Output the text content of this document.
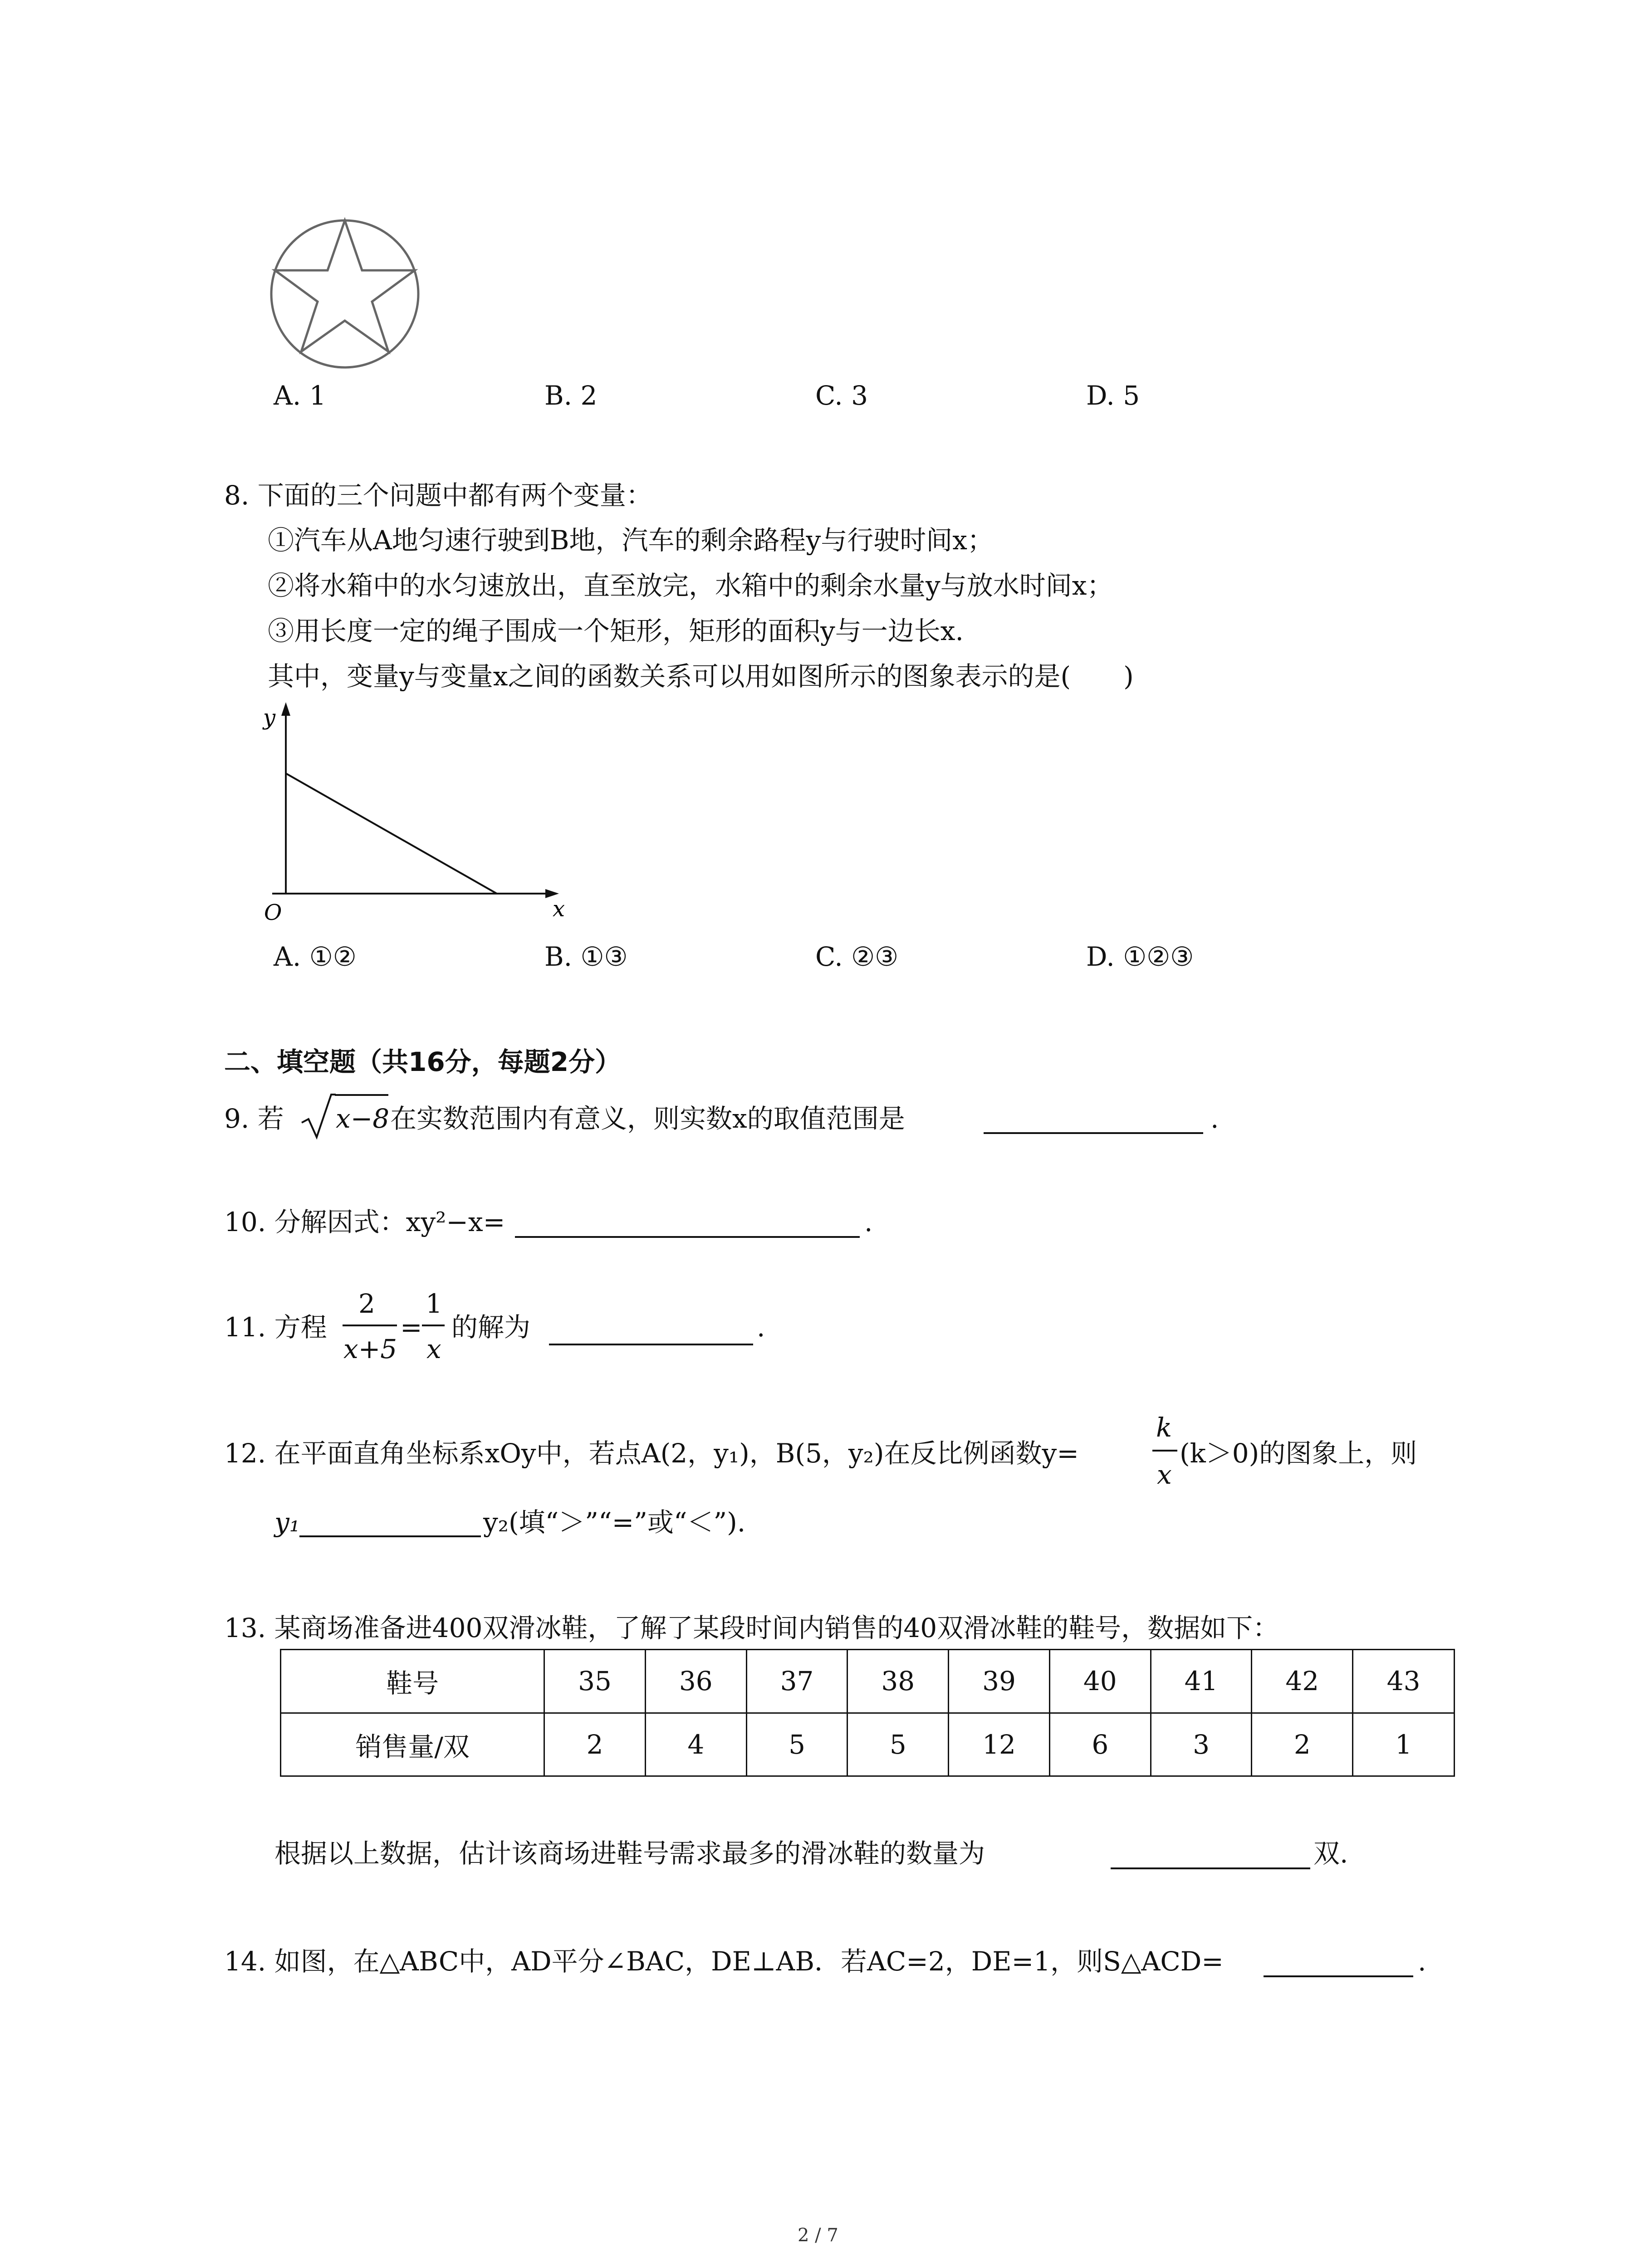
A. 1	B. 2	C. 3	D. 5
8. 下面的三个问题中都有两个变量：
①汽车从A地匀速行驶到B地，汽车的剩余路程y与行驶时间x；
②将水箱中的水匀速放出，直至放完，水箱中的剩余水量y与放水时间x；
③用长度一定的绳子围成一个矩形，矩形的面积y与一边长x.
其中，变量y与变量x之间的函数关系可以用如图所示的图象表示的是(　　)
y
x
O
A. ①②	B. ①③	C. ②③	D. ①②③
二、填空题（共16分，每题2分）
9. 若 x−8 在实数范围内有意义，则实数x的取值范围是	.
10. 分解因式：xy²−x=	.
11. 方程
2
x+5
=
1
x
的解为	.
12. 在平面直角坐标系xOy中，若点A(2，y₁)，B(5，y₂)在反比例函数y=
k
x
(k＞0)的图象上，则
y₁	y₂(填“＞”“=”或“＜”).
13. 某商场准备进400双滑冰鞋，了解了某段时间内销售的40双滑冰鞋的鞋号，数据如下：
鞋号	35	36	37	38	39	40	41	42	43
销售量/双	2	4	5	5	12	6	3	2	1
根据以上数据，估计该商场进鞋号需求最多的滑冰鞋的数量为	双.
14. 如图，在△ABC中，AD平分∠BAC，DE⊥AB．若AC=2，DE=1，则S△ACD=	.
2 / 7
